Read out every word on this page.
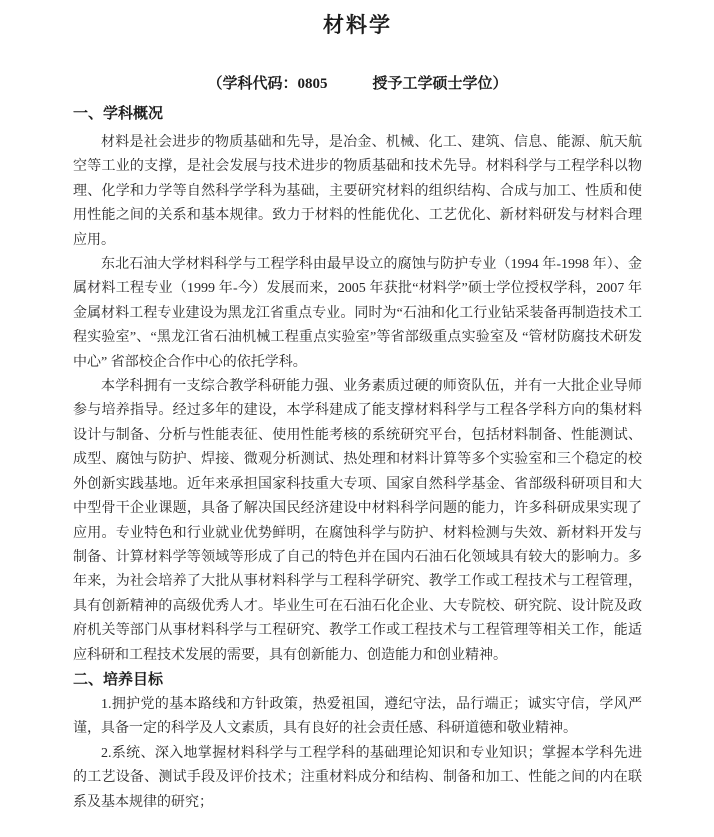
材料学

（学科代码：0805　　　授予工学硕士学位）

一、学科概况

材料是社会进步的物质基础和先导，是冶金、机械、化工、建筑、信息、能源、航天航空等工业的支撑，是社会发展与技术进步的物质基础和技术先导。材料科学与工程学科以物理、化学和力学等自然科学学科为基础，主要研究材料的组织结构、合成与加工、性质和使用性能之间的关系和基本规律。致力于材料的性能优化、工艺优化、新材料研发与材料合理应用。

东北石油大学材料科学与工程学科由最早设立的腐蚀与防护专业（1994 年-1998 年）、金属材料工程专业（1999 年-今）发展而来，2005 年获批“材料学”硕士学位授权学科，2007 年金属材料工程专业建设为黑龙江省重点专业。同时为“石油和化工行业钻采装备再制造技术工程实验室”、“黑龙江省石油机械工程重点实验室”等省部级重点实验室及 “管材防腐技术研发中心” 省部校企合作中心的依托学科。

本学科拥有一支综合教学科研能力强、业务素质过硬的师资队伍，并有一大批企业导师参与培养指导。经过多年的建设，本学科建成了能支撑材料科学与工程各学科方向的集材料设计与制备、分析与性能表征、使用性能考核的系统研究平台，包括材料制备、性能测试、成型、腐蚀与防护、焊接、微观分析测试、热处理和材料计算等多个实验室和三个稳定的校外创新实践基地。近年来承担国家科技重大专项、国家自然科学基金、省部级科研项目和大中型骨干企业课题，具备了解决国民经济建设中材料科学问题的能力，许多科研成果实现了应用。专业特色和行业就业优势鲜明，在腐蚀科学与防护、材料检测与失效、新材料开发与制备、计算材料学等领域等形成了自己的特色并在国内石油石化领域具有较大的影响力。多年来，为社会培养了大批从事材料科学与工程科学研究、教学工作或工程技术与工程管理，具有创新精神的高级优秀人才。毕业生可在石油石化企业、大专院校、研究院、设计院及政府机关等部门从事材料科学与工程研究、教学工作或工程技术与工程管理等相关工作，能适应科研和工程技术发展的需要，具有创新能力、创造能力和创业精神。

二、培养目标

1.拥护党的基本路线和方针政策，热爱祖国，遵纪守法，品行端正；诚实守信，学风严谨，具备一定的科学及人文素质，具有良好的社会责任感、科研道德和敬业精神。

2.系统、深入地掌握材料科学与工程学科的基础理论知识和专业知识；掌握本学科先进的工艺设备、测试手段及评价技术；注重材料成分和结构、制备和加工、性能之间的内在联系及基本规律的研究；
